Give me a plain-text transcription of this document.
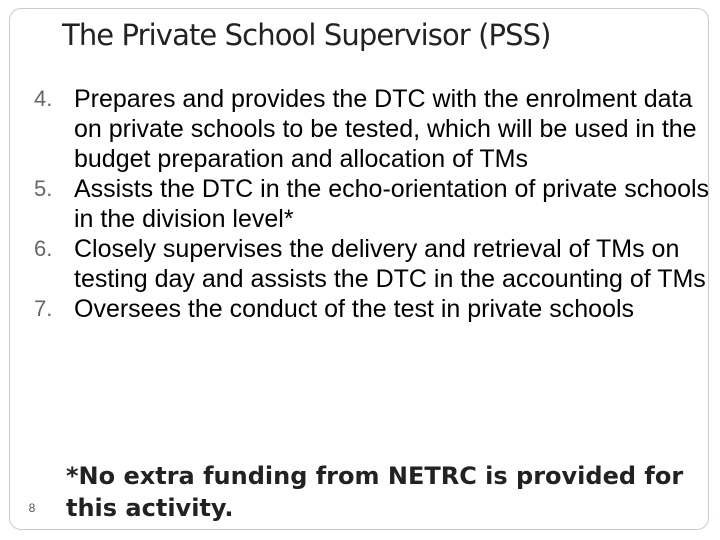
The Private School Supervisor (PSS)
4. Prepares and provides the DTC with the enrolment data on private schools to be tested, which will be used in the budget preparation and allocation of TMs
5. Assists the DTC in the echo-orientation of private schools in the division level*
6. Closely supervises the delivery and retrieval of TMs on testing day and assists the DTC in the accounting of TMs
7. Oversees the conduct of the test in private schools
8
*No extra funding from NETRC is provided for this activity.
